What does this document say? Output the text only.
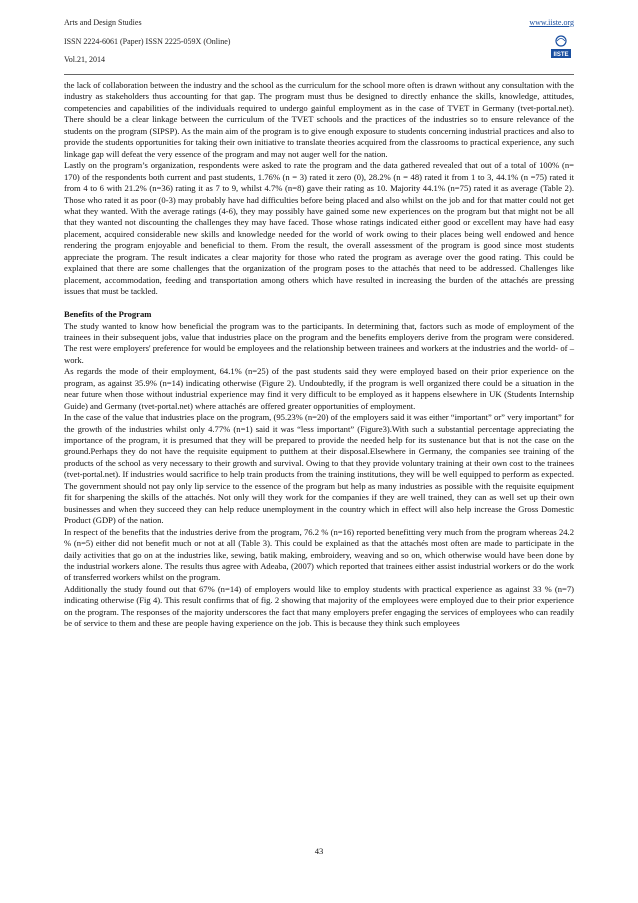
Arts and Design Studies
ISSN 2224-6061 (Paper) ISSN 2225-059X (Online)
Vol.21, 2014
www.iiste.org
IISTE

the lack of collaboration between the industry and the school as the curriculum for the school more often is drawn without any consultation with the industry as stakeholders thus accounting for that gap. The program must thus be designed to directly enhance the skills, knowledge, attitudes, competencies and capabilities of the individuals required to undergo gainful employment as in the case of TVET in Germany (tvet-portal.net). There should be a clear linkage between the curriculum of the TVET schools and the practices of the industries so to ensure relevance of the students on the program (SIPSP). As the main aim of the program is to give enough exposure to students concerning industrial practices and also to provide the students opportunities for taking their own initiative to translate theories acquired from the classrooms to practical experience, any such linkage gap will defeat the very essence of the program and may not auger well for the nation.

Lastly on the program’s organization, respondents were asked to rate the program and the data gathered revealed that out of a total of 100% (n= 170) of the respondents both current and past students, 1.76% (n = 3) rated it zero (0), 28.2% (n = 48) rated it from 1 to 3, 44.1% (n =75) rated it from 4 to 6 with 21.2% (n=36) rating it as 7 to 9, whilst 4.7% (n=8) gave their rating as 10. Majority 44.1% (n=75) rated it as average (Table 2). Those who rated it as poor (0-3) may probably have had difficulties before being placed and also whilst on the job and for that matter could not get what they wanted. With the average ratings (4-6), they may possibly have gained some new experiences on the program but that might not be all that they wanted not discounting the challenges they may have faced. Those whose ratings indicated either good or excellent may have had easy placement, acquired considerable new skills and knowledge needed for the world of work owing to their places being well endowed and hence rendering the program enjoyable and beneficial to them. From the result, the overall assessment of the program is good since most students appreciate the program. The result indicates a clear majority for those who rated the program as average over the good rating. This could be explained that there are some challenges that the organization of the program poses to the attachés that need to be addressed. Challenges like placement, accommodation, feeding and transportation among others which have resulted in increasing the burden of the attachés are pressing issues that must be tackled.

Benefits of the Program

The study wanted to know how beneficial the program was to the participants. In determining that, factors such as mode of employment of the trainees in their subsequent jobs, value that industries place on the program and the benefits employers derive from the program were considered. The rest were employers' preference for would be employees and the relationship between trainees and workers at the industries and the world- of –work.

As regards the mode of their employment, 64.1% (n=25) of the past students said they were employed based on their prior experience on the program, as against 35.9% (n=14) indicating otherwise (Figure 2). Undoubtedly, if the program is well organized there could be a situation in the near future when those without industrial experience may find it very difficult to be employed as it happens elsewhere in UK (Students Internship Guide) and Germany (tvet-portal.net) where attachés are offered greater opportunities of employment.

In the case of the value that industries place on the program, (95.23% (n=20) of the employers said it was either “important” or” very important” for the growth of the industries whilst only 4.77% (n=1) said it was “less important” (Figure3).With such a substantial percentage appreciating the importance of the program, it is presumed that they will be prepared to provide the needed help for its sustenance but that is not the case on the ground.Perhaps they do not have the requisite equipment to putthem at their disposal.Elsewhere in Germany, the companies see training of the products of the school as very necessary to their growth and survival. Owing to that they provide voluntary training at their own cost to the trainees (tvet-portal.net). If industries would sacrifice to help train products from the training institutions, they will be well equipped to perform as expected. The government should not pay only lip service to the essence of the program but help as many industries as possible with the requisite equipment fit for sharpening the skills of the attachés. Not only will they work for the companies if they are well trained, they can as well set up their own businesses and when they succeed they can help reduce unemployment in the country which in effect will also help increase the Gross Domestic Product (GDP) of the nation.

In respect of the benefits that the industries derive from the program, 76.2 % (n=16) reported benefitting very much from the program whereas 24.2 % (n=5) either did not benefit much or not at all (Table 3). This could be explained as that the attachés most often are made to participate in the daily activities that go on at the industries like, sewing, batik making, embroidery, weaving and so on, which otherwise would have been done by the industrial workers alone. The results thus agree with Adeaba, (2007) which reported that trainees either assist industrial workers or do the work of transferred workers whilst on the program.

Additionally the study found out that 67% (n=14) of employers would like to employ students with practical experience as against 33 % (n=7) indicating otherwise (Fig 4). This result confirms that of fig. 2 showing that majority of the employees were employed due to their prior experience on the program. The responses of the majority underscores the fact that many employers prefer engaging the services of employees who can readily be of service to them and these are people having experience on the job. This is because they think such employees

43
